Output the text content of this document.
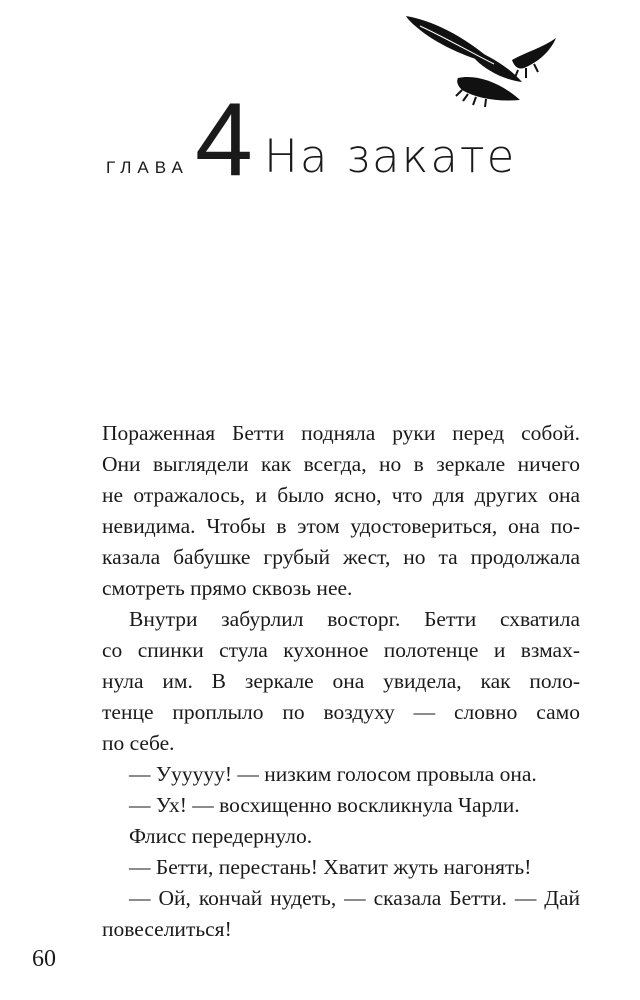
ГЛАВА 4 На закате

Пораженная Бетти подняла руки перед собой.
Они выглядели как всегда, но в зеркале ничего
не отражалось, и было ясно, что для других она
невидима. Чтобы в этом удостовериться, она по-
казала бабушке грубый жест, но та продолжала
смотреть прямо сквозь нее.

Внутри забурлил восторг. Бетти схватила
со спинки стула кухонное полотенце и взмах-
нула им. В зеркале она увидела, как поло-
тенце проплыло по воздуху — словно само
по себе.

— Уууууу! — низким голосом провыла она.

— Ух! — восхищенно воскликнула Чарли.

Флисс передернуло.

— Бетти, перестань! Хватит жуть нагонять!

— Ой, кончай нудеть, — сказала Бетти. — Дай
повеселиться!

60
